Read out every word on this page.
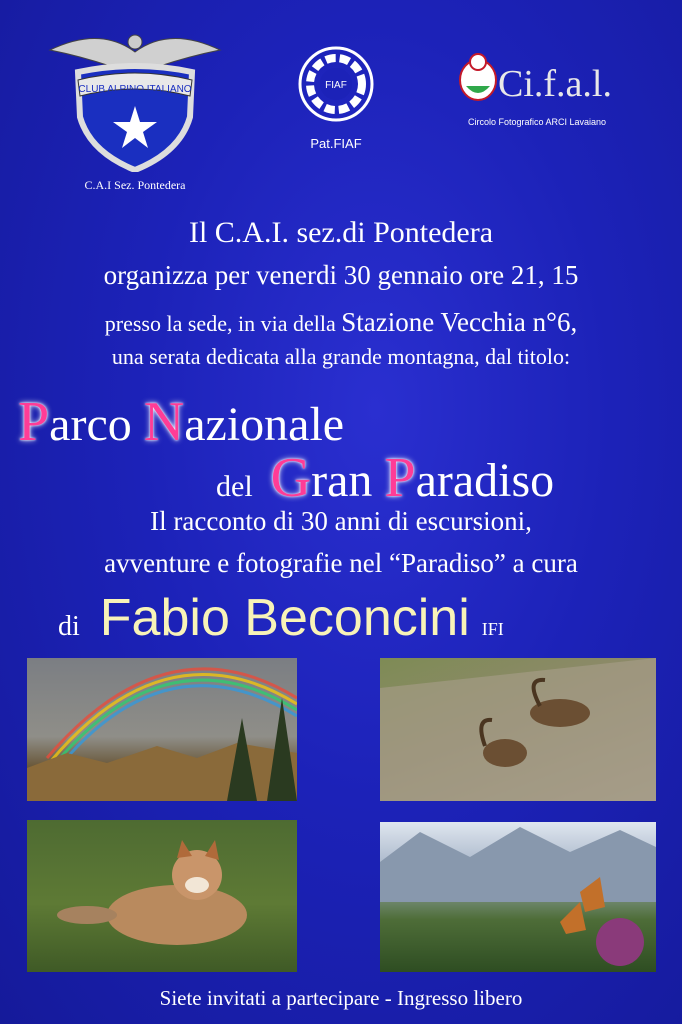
CLUB ALPINO ITALIANO
C.A.I Sez. Pontedera
FIAF
Pat.FIAF
Ci.f.a.l.
Circolo Fotografico ARCI Lavaiano
Il C.A.I. sez.di Pontedera
organizza per venerdi 30 gennaio ore 21, 15
presso la sede, in via della Stazione Vecchia n°6,
una serata dedicata alla grande montagna, dal titolo:
Parco Nazionale
del Gran Paradiso
Il racconto di 30 anni di escursioni,
avventure e fotografie nel “Paradiso” a cura
di Fabio Beconcini IFI
Siete invitati a partecipare - Ingresso libero
